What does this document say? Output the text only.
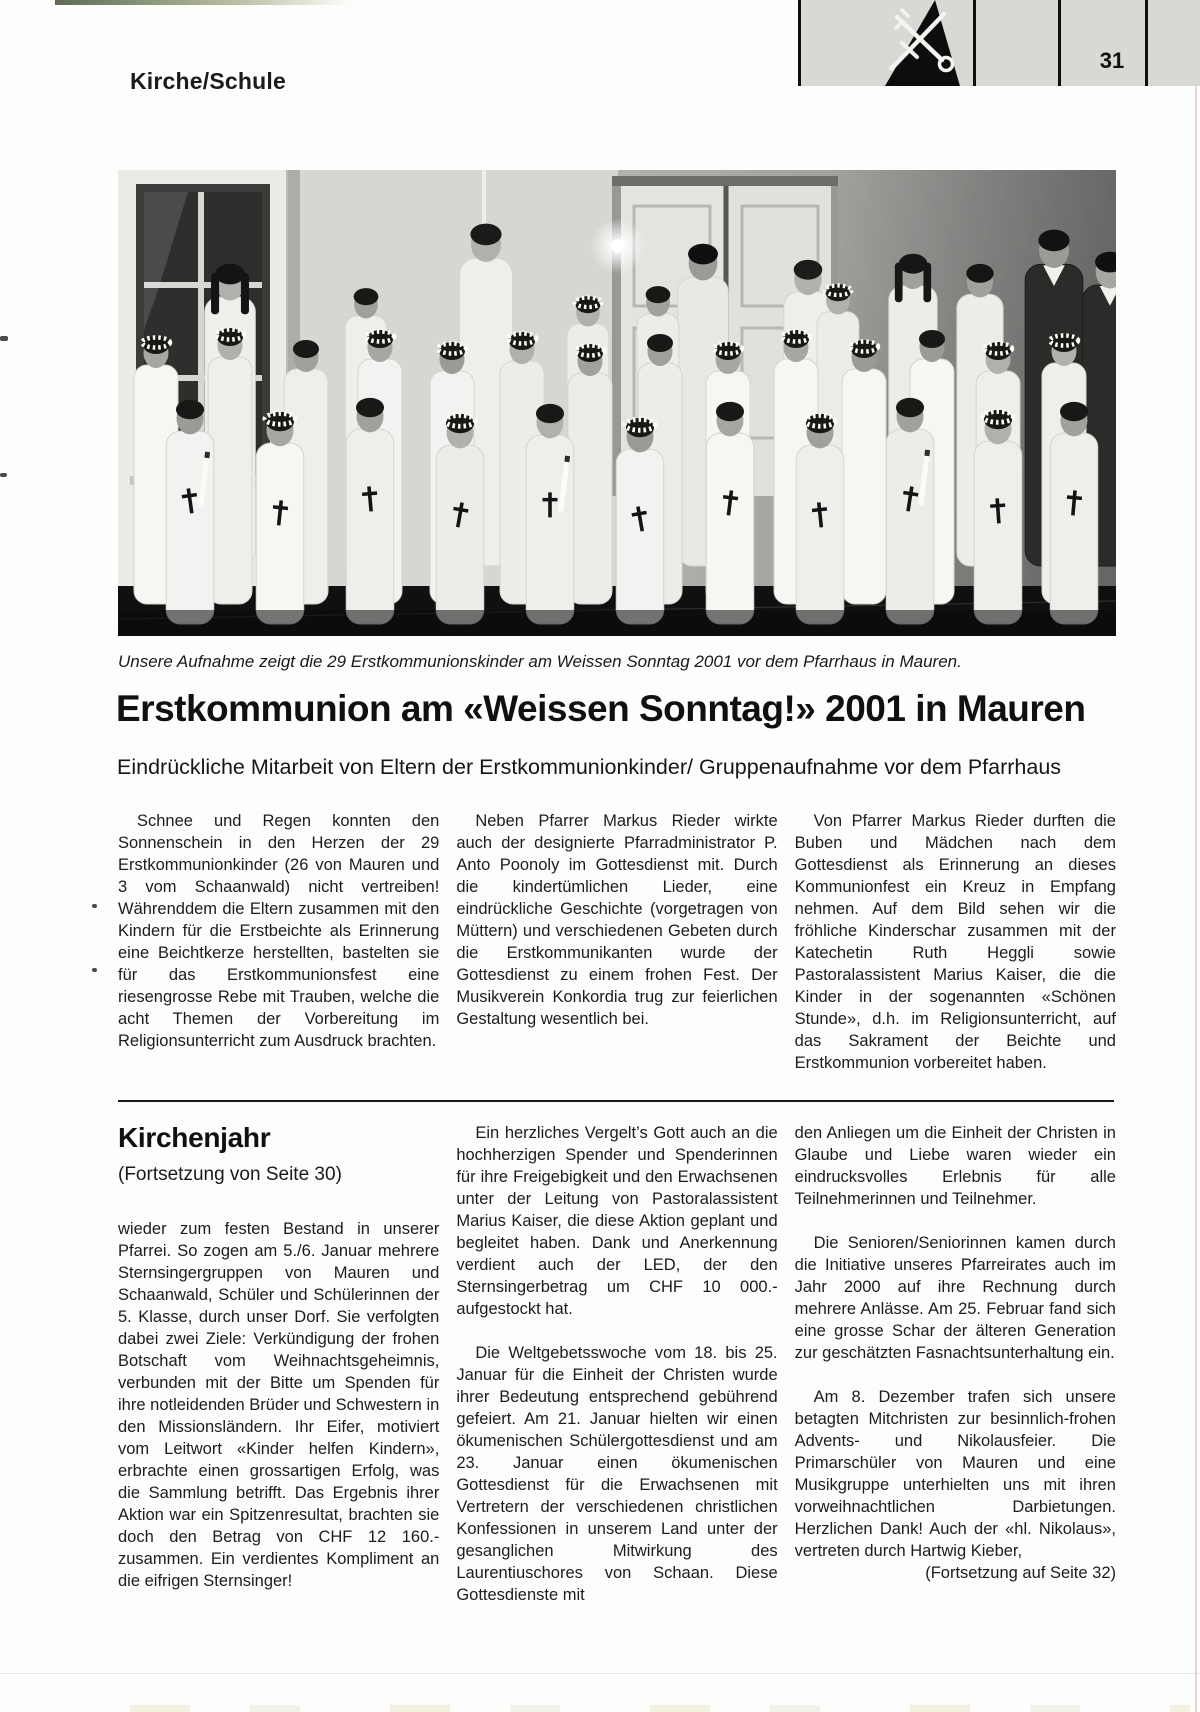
Kirche/Schule
31
Unsere Aufnahme zeigt die 29 Erstkommunionskinder am Weissen Sonntag 2001 vor dem Pfarrhaus in Mauren.
Erstkommunion am «Weissen Sonntag!» 2001 in Mauren
Eindrückliche Mitarbeit von Eltern der Erstkommunionkinder/ Gruppenaufnahme vor dem Pfarrhaus

Schnee und Regen konnten den Sonnenschein in den Herzen der 29 Erstkommunionkinder (26 von Mauren und 3 vom Schaanwald) nicht vertreiben! Währenddem die Eltern zusammen mit den Kindern für die Erstbeichte als Erinnerung eine Beichtkerze herstellten, bastelten sie für das Erstkommunionsfest eine riesengrosse Rebe mit Trauben, welche die acht Themen der Vorbereitung im Religionsunterricht zum Ausdruck brachten.

Neben Pfarrer Markus Rieder wirkte auch der designierte Pfarradministrator P. Anto Poonoly im Gottesdienst mit. Durch die kindertümlichen Lieder, eine eindrückliche Geschichte (vorgetragen von Müttern) und verschiedenen Gebeten durch die Erstkommunikanten wurde der Gottesdienst zu einem frohen Fest. Der Musikverein Konkordia trug zur feierlichen Gestaltung wesentlich bei.

Von Pfarrer Markus Rieder durften die Buben und Mädchen nach dem Gottesdienst als Erinnerung an dieses Kommunionfest ein Kreuz in Empfang nehmen. Auf dem Bild sehen wir die fröhliche Kinderschar zusammen mit der Katechetin Ruth Heggli sowie Pastoralassistent Marius Kaiser, die die Kinder in der sogenannten «Schönen Stunde», d.h. im Religionsunterricht, auf das Sakrament der Beichte und Erstkommunion vorbereitet haben.

Kirchenjahr
(Fortsetzung von Seite 30)

wieder zum festen Bestand in unserer Pfarrei. So zogen am 5./6. Januar mehrere Sternsingergruppen von Mauren und Schaanwald, Schüler und Schülerinnen der 5. Klasse, durch unser Dorf. Sie verfolgten dabei zwei Ziele: Verkündigung der frohen Botschaft vom Weihnachtsgeheimnis, verbunden mit der Bitte um Spenden für ihre notleidenden Brüder und Schwestern in den Missionsländern. Ihr Eifer, motiviert vom Leitwort «Kinder helfen Kindern», erbrachte einen grossartigen Erfolg, was die Sammlung betrifft. Das Ergebnis ihrer Aktion war ein Spitzenresultat, brachten sie doch den Betrag von CHF 12 160.-zusammen. Ein verdientes Kompliment an die eifrigen Sternsinger!

Ein herzliches Vergelt’s Gott auch an die hochherzigen Spender und Spenderinnen für ihre Freigebigkeit und den Erwachsenen unter der Leitung von Pastoralassistent Marius Kaiser, die diese Aktion geplant und begleitet haben. Dank und Anerkennung verdient auch der LED, der den Sternsingerbetrag um CHF 10 000.- aufgestockt hat.

Die Weltgebetsswoche vom 18. bis 25. Januar für die Einheit der Christen wurde ihrer Bedeutung entsprechend gebührend gefeiert. Am 21. Januar hielten wir einen ökumenischen Schülergottesdienst und am 23. Januar einen ökumenischen Gottesdienst für die Erwachsenen mit Vertretern der verschiedenen christlichen Konfessionen in unserem Land unter der gesanglichen Mitwirkung des Laurentiuschores von Schaan. Diese Gottesdienste mit

den Anliegen um die Einheit der Christen in Glaube und Liebe waren wieder ein eindrucksvolles Erlebnis für alle Teilnehmerinnen und Teilnehmer.

Die Senioren/Seniorinnen kamen durch die Initiative unseres Pfarreirates auch im Jahr 2000 auf ihre Rechnung durch mehrere Anlässe. Am 25. Februar fand sich eine grosse Schar der älteren Generation zur geschätzten Fasnachtsunterhaltung ein.

Am 8. Dezember trafen sich unsere betagten Mitchristen zur besinnlich-frohen Advents- und Nikolausfeier. Die Primarschüler von Mauren und eine Musikgruppe unterhielten uns mit ihren vorweihnachtlichen Darbietungen. Herzlichen Dank! Auch der «hl. Nikolaus», vertreten durch Hartwig Kieber,

(Fortsetzung auf Seite 32)
